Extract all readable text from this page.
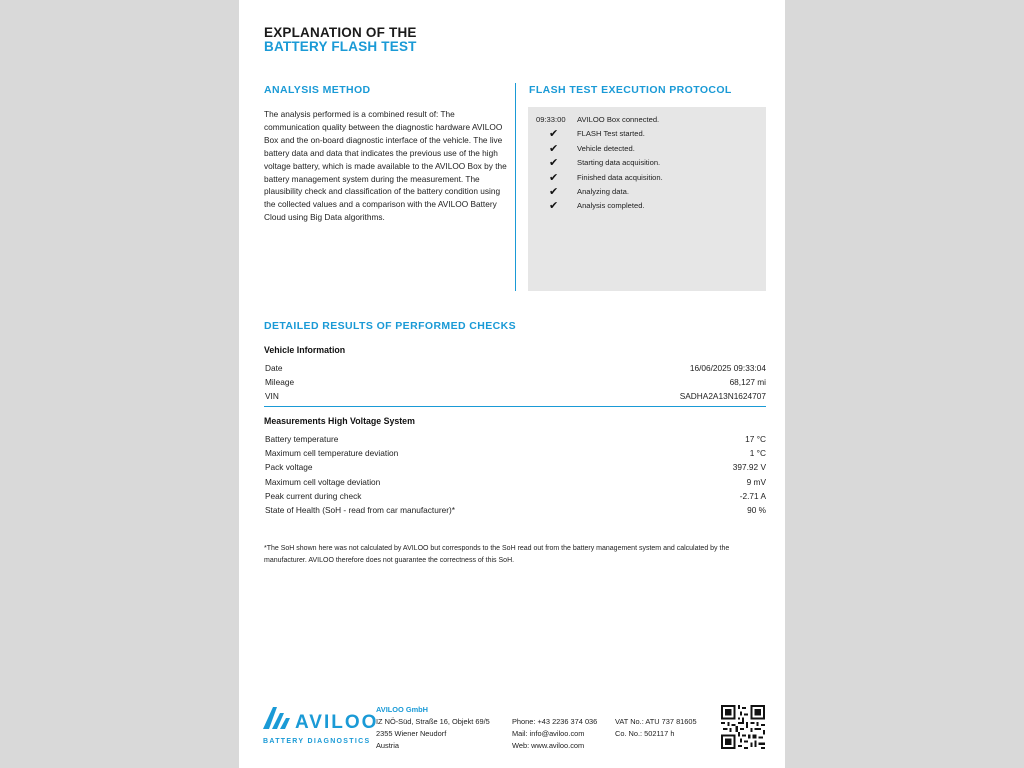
EXPLANATION OF THE
BATTERY FLASH TEST
ANALYSIS METHOD
The analysis performed is a combined result of: The communication quality between the diagnostic hardware AVILOO Box and the on-board diagnostic interface of the vehicle. The live battery data and data that indicates the previous use of the high voltage battery, which is made available to the AVILOO Box by the battery management system during the measurement. The plausibility check and classification of the battery condition using the collected values and a comparison with the AVILOO Battery Cloud using Big Data algorithms.
FLASH TEST EXECUTION PROTOCOL
09:33:00	AVILOO Box connected.
✔ FLASH Test started.
✔ Vehicle detected.
✔ Starting data acquisition.
✔ Finished data acquisition.
✔ Analyzing data.
✔ Analysis completed.
DETAILED RESULTS OF PERFORMED CHECKS
Vehicle Information
Date	16/06/2025 09:33:04
Mileage	68,127 mi
VIN	SADHA2A13N1624707
Measurements High Voltage System
Battery temperature	17 °C
Maximum cell temperature deviation	1 °C
Pack voltage	397.92 V
Maximum cell voltage deviation	9 mV
Peak current during check	-2.71 A
State of Health (SoH - read from car manufacturer)*	90 %
*The SoH shown here was not calculated by AVILOO but corresponds to the SoH read out from the battery management system and calculated by the manufacturer. AVILOO therefore does not guarantee the correctness of this SoH.
AVILOO
BATTERY DIAGNOSTICS
AVILOO GmbH
IZ NÖ-Süd, Straße 16, Objekt 69/5
2355 Wiener Neudorf
Austria
Phone: +43 2236 374 036
Mail: info@aviloo.com
Web: www.aviloo.com
VAT No.: ATU 737 81605
Co. No.: 502117 h
